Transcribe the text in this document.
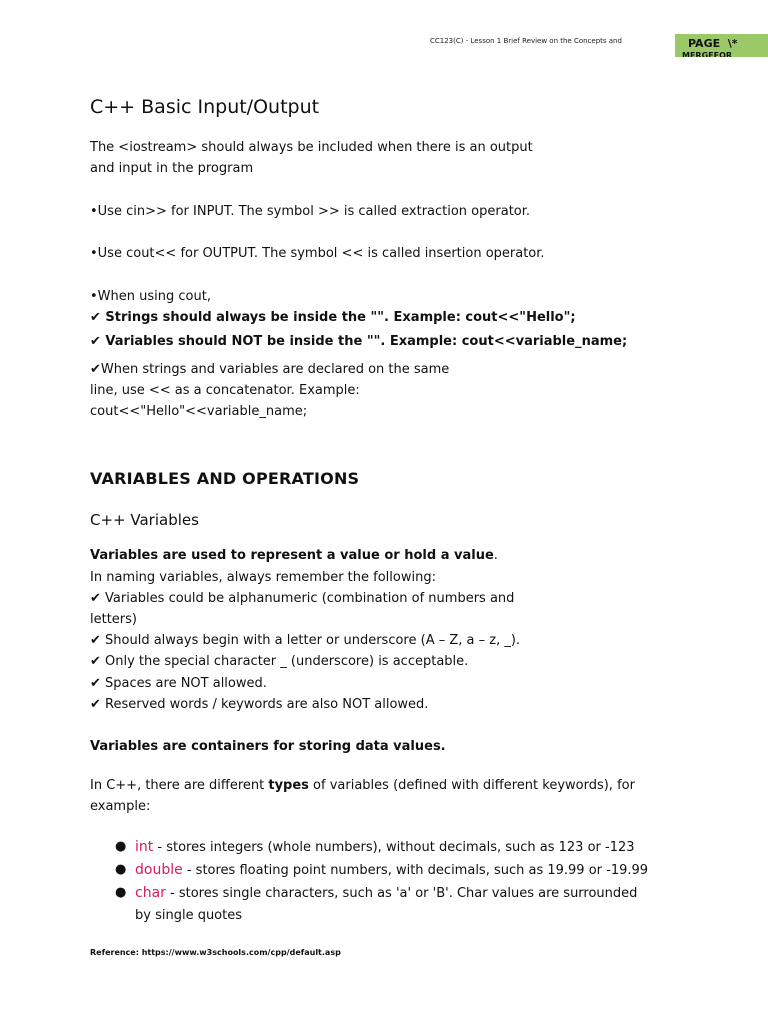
CC123(C) - Lesson 1 Brief Review on the Concepts and	PAGE  \*
MERGEFOR
C++ Basic Input/Output
The <iostream> should always be included when there is an output
and input in the program
•Use cin>> for INPUT. The symbol >> is called extraction operator.
•Use cout<< for OUTPUT. The symbol << is called insertion operator.
•When using cout,
✔ Strings should always be inside the "". Example: cout<<"Hello";
✔ Variables should NOT be inside the "". Example: cout<<variable_name;
✔When strings and variables are declared on the same
line, use << as a concatenator. Example:
cout<<"Hello"<<variable_name;
VARIABLES AND OPERATIONS
C++ Variables
Variables are used to represent a value or hold a value.
In naming variables, always remember the following:
✔ Variables could be alphanumeric (combination of numbers and
letters)
✔ Should always begin with a letter or underscore (A – Z, a – z, _).
✔ Only the special character _ (underscore) is acceptable.
✔ Spaces are NOT allowed.
✔ Reserved words / keywords are also NOT allowed.
Variables are containers for storing data values.
In C++, there are different types of variables (defined with different keywords), for
example:
● int - stores integers (whole numbers), without decimals, such as 123 or -123
● double - stores floating point numbers, with decimals, such as 19.99 or -19.99
● char - stores single characters, such as 'a' or 'B'. Char values are surrounded
by single quotes
Reference: https://www.w3schools.com/cpp/default.asp
